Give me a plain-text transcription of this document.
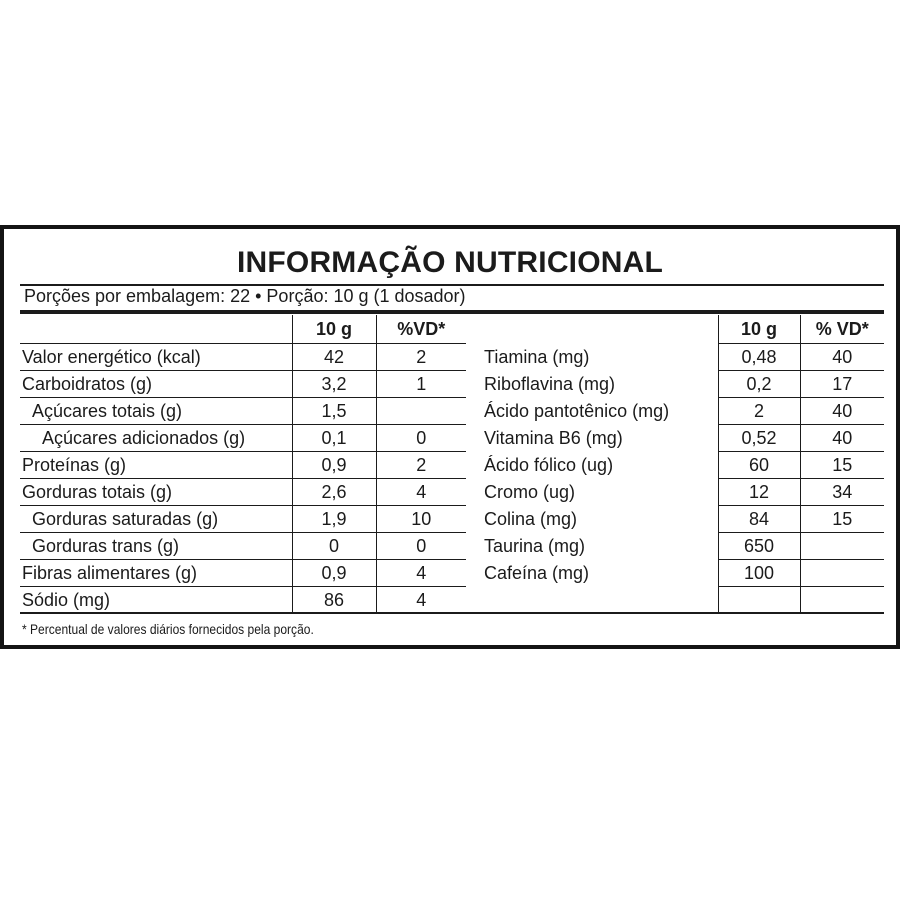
INFORMAÇÃO NUTRICIONAL
Porções por embalagem: 22 • Porção: 10 g (1 dosador)
	10 g	%VD*
Valor energético (kcal)	42	2
Carboidratos (g)	3,2	1
Açúcares totais (g)	1,5	
Açúcares adicionados (g)	0,1	0
Proteínas (g)	0,9	2
Gorduras totais (g)	2,6	4
Gorduras saturadas (g)	1,9	10
Gorduras trans (g)	0	0
Fibras alimentares (g)	0,9	4
Sódio (mg)	86	4
	10 g	% VD*
Tiamina (mg)	0,48	40
Riboflavina (mg)	0,2	17
Ácido pantotênico (mg)	2	40
Vitamina B6 (mg)	0,52	40
Ácido fólico (ug)	60	15
Cromo (ug)	12	34
Colina (mg)	84	15
Taurina (mg)	650	
Cafeína (mg)	100	

* Percentual de valores diários fornecidos pela porção.
